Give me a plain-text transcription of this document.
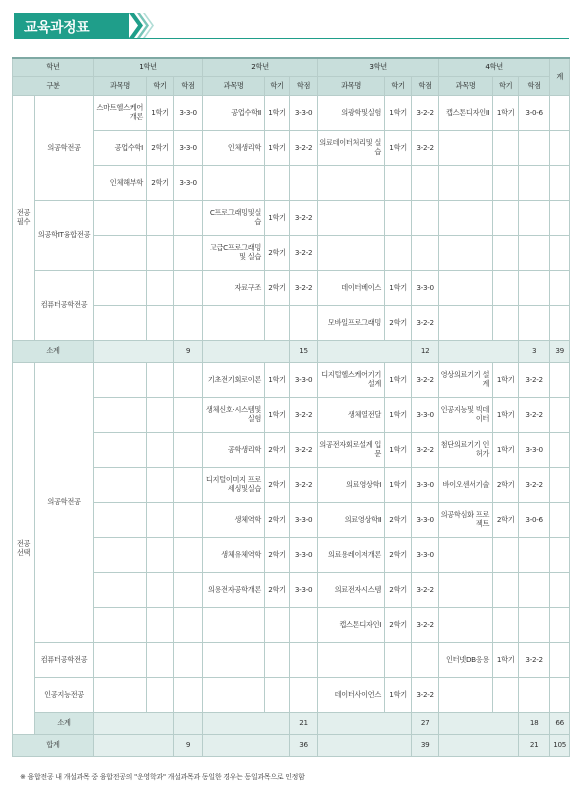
교육과정표
학년		1학년			2학년			3학년			4학년			계
구분		과목명	학기	학점	과목명	학기	학점	과목명	학기	학점	과목명	학기	학점	
전공
필수	의공학전공	스마트헬스케어 개론	1학기	3-3-0	공업수학Ⅱ	1학기	3-3-0	의광학및실험	1학기	3-2-2	캡스톤디자인Ⅱ	1학기	3-0-6	
		공업수학Ⅰ	2학기	3-3-0	인체생리학	1학기	3-2-2	의료데이터처리및 실습	1학기	3-2-2				
		인체해부학	2학기	3-3-0										
	의공학IT융합전공				C프로그래밍및실습	1학기	3-2-2							
					고급C프로그래밍및 실습	2학기	3-2-2							
	컴퓨터공학전공				자료구조	2학기	3-2-2	데이터베이스	1학기	3-3-0				
								모바일프로그래밍	2학기	3-2-2				
소계				9			15			12			3	39
전공
선택	의공학전공				기초전기회로이론	1학기	3-3-0	디지털헬스케어기기 설계	1학기	3-2-2	영상의료기기 설계	1학기	3-2-2	
					생체신호·시스템및 실험	1학기	3-2-2	생체열전달	1학기	3-3-0	인공지능및 빅데이터	1학기	3-2-2	
					공학생리학	2학기	3-2-2	의공전자회로설계 입문	1학기	3-2-2	첨단의료기기 인허가	1학기	3-3-0	
					디지털이미지 프로세싱및실습	2학기	3-2-2	의료영상학Ⅰ	1학기	3-3-0	바이오센서기술	2학기	3-2-2	
					생체역학	2학기	3-3-0	의료영상학Ⅱ	2학기	3-3-0	의공학심화 프로젝트	2학기	3-0-6	
					생체유체역학	2학기	3-3-0	의료용레이저개론	2학기	3-3-0				
					의용전자공학개론	2학기	3-3-0	의료전자시스템	2학기	3-2-2				
								캡스톤디자인Ⅰ	2학기	3-2-2				
	컴퓨터공학전공										인터넷DB응용	1학기	3-2-2	
	인공지능전공							데이터사이언스	1학기	3-2-2				
	소계						21			27			18	66
합계				9			36			39			21	105
※ 융합전공 내 개설과목 중 융합전공의 "운영학과" 개설과목과 동일한 경우는 동일과목으로 인정함
